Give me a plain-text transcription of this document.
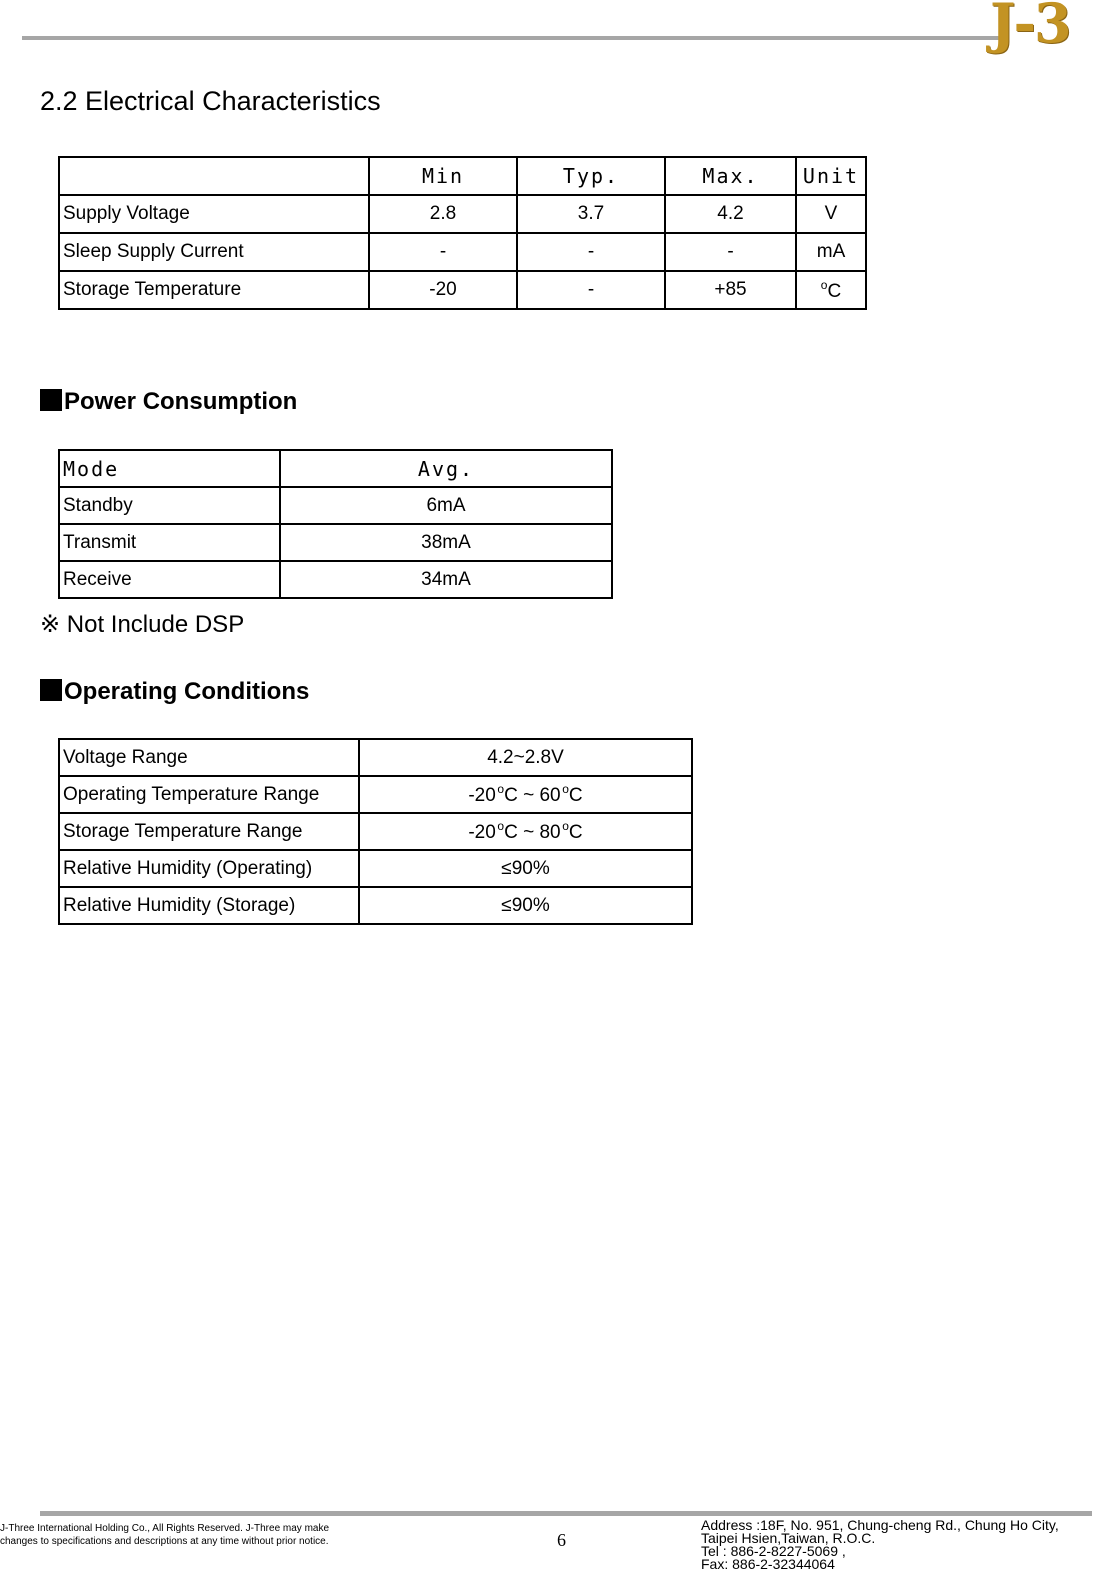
J-3
2.2 Electrical Characteristics
	Min	Typ.	Max.	Unit
Supply Voltage	2.8	3.7	4.2	V
Sleep Supply Current	-	-	-	mA
Storage Temperature	-20	-	+85	$^o$C
Power Consumption
Mode	Avg.
Standby	6mA
Transmit	38mA
Receive	34mA
※ Not Include DSP
Operating Conditions
Voltage Range	4.2~2.8V
Operating Temperature Range	-20  $^o$C ~ 60  $^o$C
Storage Temperature Range	-20  $^o$C ~ 80  $^o$C
Relative Humidity (Operating)	≤90%
Relative Humidity (Storage)	≤90%
J-Three International Holding Co., All Rights Reserved. J-Three may make
changes to specifications and descriptions at any time without prior notice.	6
Address :18F, No. 951, Chung-cheng Rd., Chung Ho City,
Taipei Hsien,Taiwan, R.O.C.
Tel : 886-2-8227-5069 ,
Fax: 886-2-32344064
